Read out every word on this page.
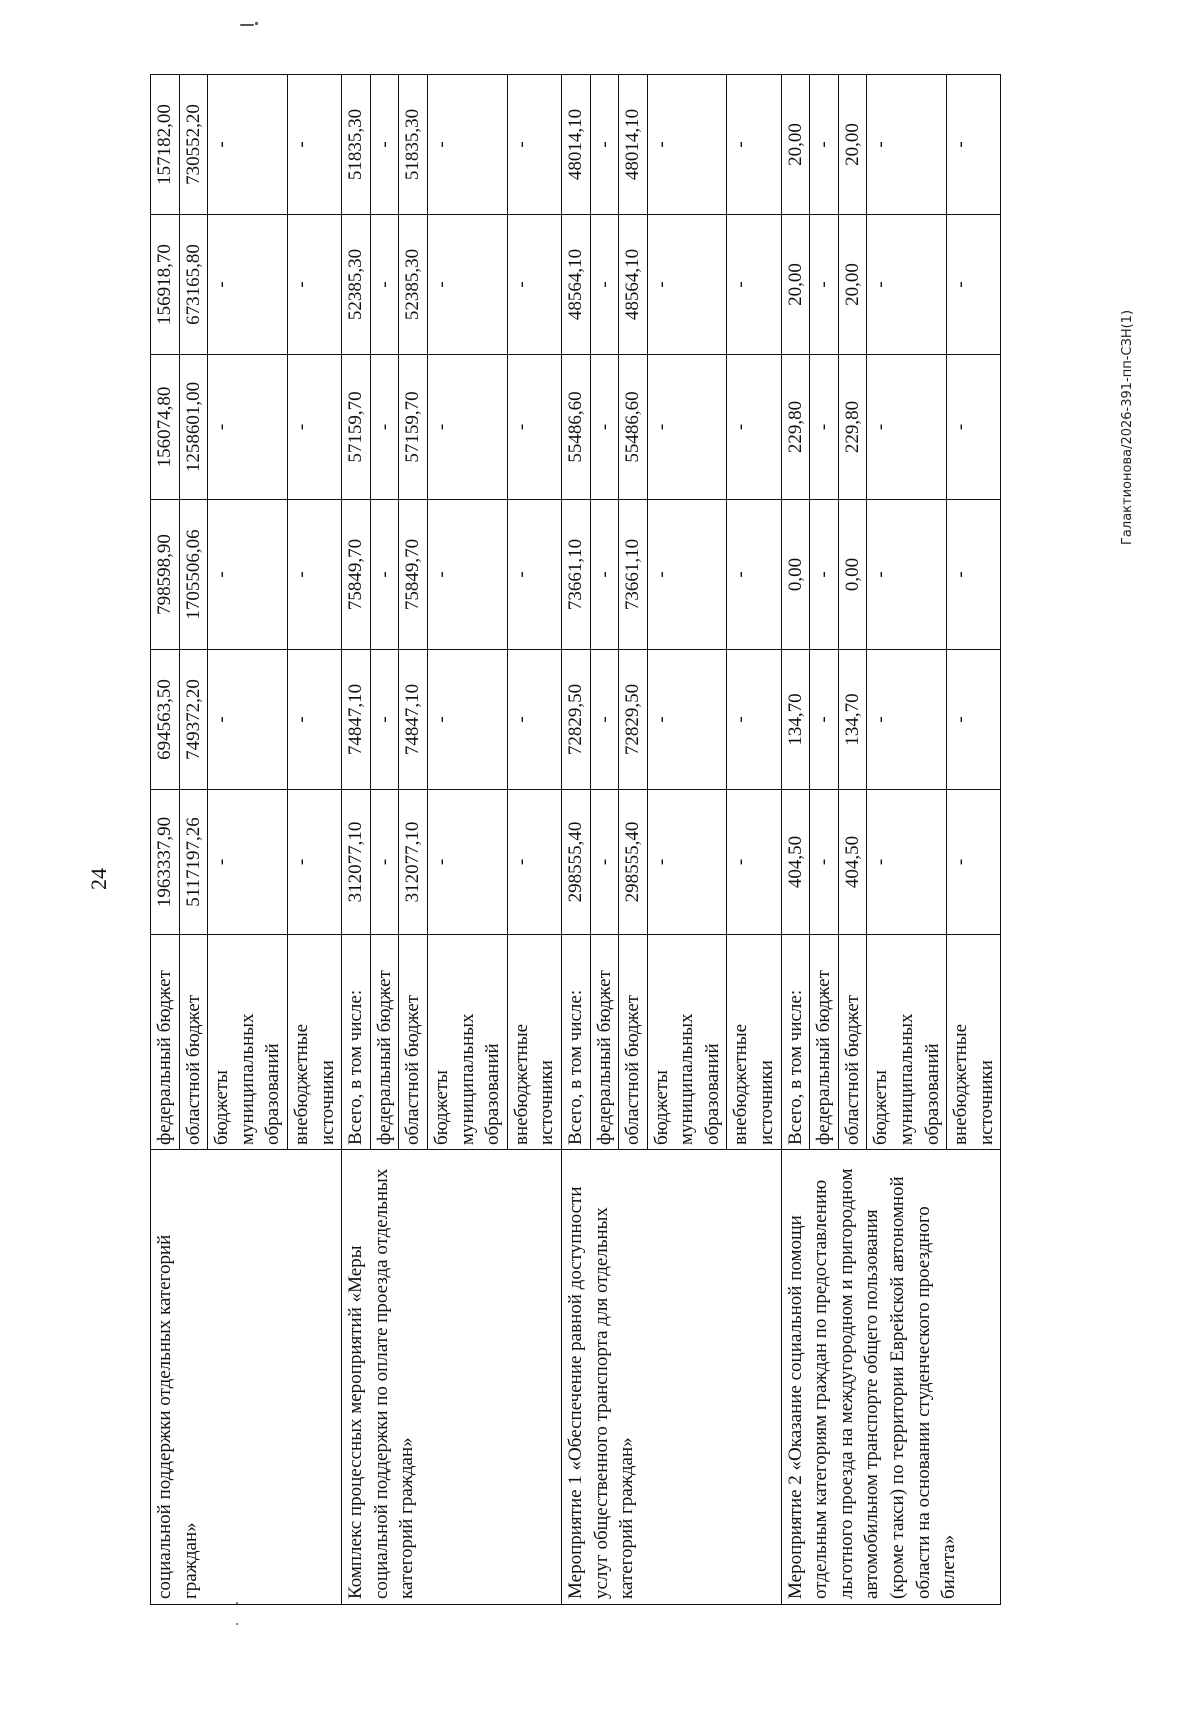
24
социальной поддержки отдельных категорий граждан»	федеральный бюджет	1963337,90	694563,50	798598,90	156074,80	156918,70	157182,00
	областной бюджет	5117197,26	749372,20	1705506,06	1258601,00	673165,80	730552,20
	бюджеты муниципальных образований	-	-	-	-	-	-
	внебюджетные источники	-	-	-	-	-	-
Комплекс процессных мероприятий «Меры социальной поддержки по оплате проезда отдельных категорий граждан»	Всего, в том числе:	312077,10	74847,10	75849,70	57159,70	52385,30	51835,30
	федеральный бюджет	-	-	-	-	-	-
	областной бюджет	312077,10	74847,10	75849,70	57159,70	52385,30	51835,30
	бюджеты муниципальных образований	-	-	-	-	-	-
	внебюджетные источники	-	-	-	-	-	-
Мероприятие 1 «Обеспечение равной доступности услуг общественного транспорта для отдельных категорий граждан»	Всего, в том числе:	298555,40	72829,50	73661,10	55486,60	48564,10	48014,10
	федеральный бюджет	-	-	-	-	-	-
	областной бюджет	298555,40	72829,50	73661,10	55486,60	48564,10	48014,10
	бюджеты муниципальных образований	-	-	-	-	-	-
	внебюджетные источники	-	-	-	-	-	-
Мероприятие 2 «Оказание социальной помощи отдельным категориям граждан по предоставлению льготного проезда на междугородном и пригородном автомобильном транспорте общего пользования (кроме такси) по территории Еврейской автономной области на основании студенческого проездного билета»	Всего, в том числе:	404,50	134,70	0,00	229,80	20,00	20,00
	федеральный бюджет	-	-	-	-	-	-
	областной бюджет	404,50	134,70	0,00	229,80	20,00	20,00
	бюджеты муниципальных образований	-	-	-	-	-	-
	внебюджетные источники	-	-	-	-	-	-
Галактионова/2026-391-пп-СЗН(1)
